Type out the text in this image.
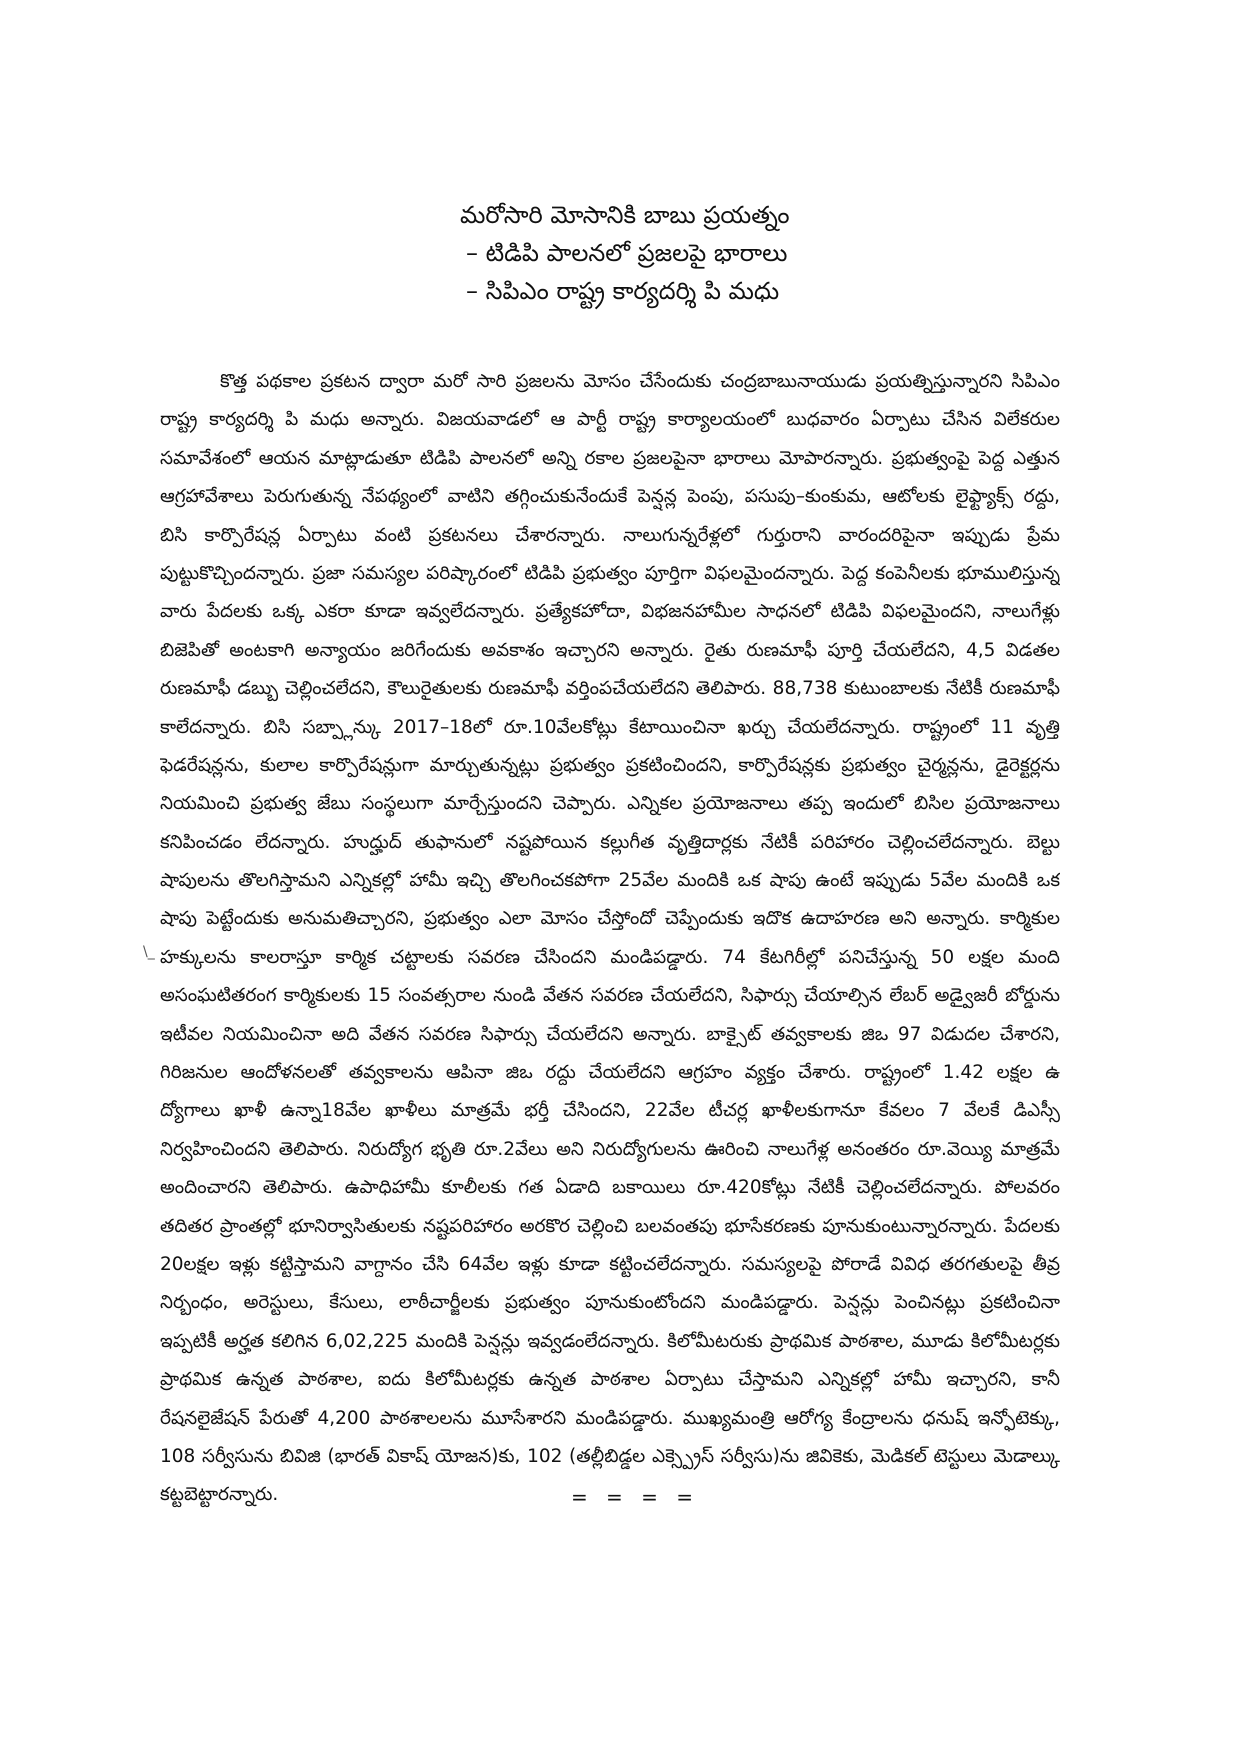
మరోసారి మోసానికి బాబు ప్రయత్నం
– టిడిపి పాలనలో ప్రజలపై భారాలు
– సిపిఎం రాష్ట్ర కార్యదర్శి పి మధు
\_
కొత్త పథకాల ప్రకటన ద్వారా మరో సారి ప్రజలను మోసం చేసేందుకు చంద్రబాబునాయుడు ప్రయత్నిస్తున్నారని సిపిఎం
రాష్ట్ర కార్యదర్శి పి మధు అన్నారు. విజయవాడలో ఆ పార్టీ రాష్ట్ర కార్యాలయంలో బుధవారం ఏర్పాటు చేసిన విలేకరుల
సమావేశంలో ఆయన మాట్లాడుతూ టిడిపి పాలనలో అన్ని రకాల ప్రజలపైనా భారాలు మోపారన్నారు. ప్రభుత్వంపై పెద్ద ఎత్తున
ఆగ్రహావేశాలు పెరుగుతున్న నేపథ్యంలో వాటిని తగ్గించుకునేందుకే పెన్షన్ల పెంపు, పసుపు–కుంకుమ, ఆటోలకు లైఫ్ట్యాక్స్ రద్దు,
బిసి కార్పొరేషన్ల ఏర్పాటు వంటి ప్రకటనలు చేశారన్నారు. నాలుగున్నరేళ్లలో గుర్తురాని వారందరిపైనా ఇప్పుడు ప్రేమ
పుట్టుకొచ్చిందన్నారు. ప్రజా సమస్యల పరిష్కారంలో టిడిపి ప్రభుత్వం పూర్తిగా విఫలమైందన్నారు. పెద్ద కంపెనీలకు భూములిస్తున్న
వారు పేదలకు ఒక్క ఎకరా కూడా ఇవ్వలేదన్నారు. ప్రత్యేకహోదా, విభజనహామీల సాధనలో టిడిపి విఫలమైందని, నాలుగేళ్లు
బిజెపితో అంటకాగి అన్యాయం జరిగేందుకు అవకాశం ఇచ్చారని అన్నారు. రైతు రుణమాఫీ పూర్తి చేయలేదని, 4,5 విడతల
రుణమాఫీ డబ్బు చెల్లించలేదని, కౌలురైతులకు రుణమాఫీ వర్తింపచేయలేదని తెలిపారు. 88,738 కుటుంబాలకు నేటికీ రుణమాఫీ
కాలేదన్నారు. బిసి సబ్ప్లాన్కు 2017–18లో రూ.10వేలకోట్లు కేటాయించినా ఖర్చు చేయలేదన్నారు. రాష్ట్రంలో 11 వృత్తి
ఫెడరేషన్లను, కులాల కార్పొరేషన్లుగా మార్చుతున్నట్లు ప్రభుత్వం ప్రకటించిందని, కార్పొరేషన్లకు ప్రభుత్వం చైర్మన్లను, డైరెక్టర్లను
నియమించి ప్రభుత్వ జేబు సంస్థలుగా మార్చేస్తుందని చెప్పారు. ఎన్నికల ప్రయోజనాలు తప్ప ఇందులో బిసిల ప్రయోజనాలు
కనిపించడం లేదన్నారు. హుద్హుద్ తుఫానులో నష్టపోయిన కల్లుగీత వృత్తిదార్లకు నేటికీ పరిహారం చెల్లించలేదన్నారు. బెల్టు
షాపులను తొలగిస్తామని ఎన్నికల్లో హామీ ఇచ్చి తొలగించకపోగా 25వేల మందికి ఒక షాపు ఉంటే ఇప్పుడు 5వేల మందికి ఒక
షాపు పెట్టేందుకు అనుమతిచ్చారని, ప్రభుత్వం ఎలా మోసం చేస్తోందో చెప్పేందుకు ఇదొక ఉదాహరణ అని అన్నారు. కార్మికుల
హక్కులను కాలరాస్తూ కార్మిక చట్టాలకు సవరణ చేసిందని మండిపడ్డారు. 74 కేటగిరీల్లో పనిచేస్తున్న 50 లక్షల మంది
అసంఘటితరంగ కార్మికులకు 15 సంవత్సరాల నుండి వేతన సవరణ చేయలేదని, సిఫార్సు చేయాల్సిన లేబర్ అడ్వైజరీ బోర్డును
ఇటీవల నియమించినా అది వేతన సవరణ సిఫార్సు చేయలేదని అన్నారు. బాక్సైట్ తవ్వకాలకు జిఒ 97 విడుదల చేశారని,
గిరిజనుల ఆందోళనలతో తవ్వకాలను ఆపినా జిఒ రద్దు చేయలేదని ఆగ్రహం వ్యక్తం చేశారు. రాష్ట్రంలో 1.42 లక్షల ఉ
ద్యోగాలు ఖాళీ ఉన్నా18వేల ఖాళీలు మాత్రమే భర్తీ చేసిందని, 22వేల టీచర్ల ఖాళీలకుగానూ కేవలం 7 వేలకే డిఎస్సీ
నిర్వహించిందని తెలిపారు. నిరుద్యోగ భృతి రూ.2వేలు అని నిరుద్యోగులను ఊరించి నాలుగేళ్ల అనంతరం రూ.వెయ్యి మాత్రమే
అందించారని తెలిపారు. ఉపాధిహామీ కూలీలకు గత ఏడాది బకాయిలు రూ.420కోట్లు నేటికీ చెల్లించలేదన్నారు. పోలవరం
తదితర ప్రాంతల్లో భూనిర్వాసితులకు నష్టపరిహారం అరకొర చెల్లించి బలవంతపు భూసేకరణకు పూనుకుంటున్నారన్నారు. పేదలకు
20లక్షల ఇళ్లు కట్టిస్తామని వాగ్దానం చేసి 64వేల ఇళ్లు కూడా కట్టించలేదన్నారు. సమస్యలపై పోరాడే వివిధ తరగతులపై తీవ్ర
నిర్బంధం, అరెస్టులు, కేసులు, లాఠీచార్జీలకు ప్రభుత్వం పూనుకుంటోందని మండిపడ్డారు. పెన్షన్లు పెంచినట్లు ప్రకటించినా
ఇప్పటికీ అర్హత కలిగిన 6,02,225 మందికి పెన్షన్లు ఇవ్వడంలేదన్నారు. కిలోమీటరుకు ప్రాథమిక పాఠశాల, మూడు కిలోమీటర్లకు
ప్రాథమిక ఉన్నత పాఠశాల, ఐదు కిలోమీటర్లకు ఉన్నత పాఠశాల ఏర్పాటు చేస్తామని ఎన్నికల్లో హామీ ఇచ్చారని, కానీ
రేషనలైజేషన్ పేరుతో 4,200 పాఠశాలలను మూసేశారని మండిపడ్డారు. ముఖ్యమంత్రి ఆరోగ్య కేంద్రాలను ధనుష్ ఇన్ఫోటెక్కు,
108 సర్వీసును బివిజి (భారత్ వికాష్ యోజన)కు, 102 (తల్లీబిడ్డల ఎక్స్ప్రెస్ సర్వీసు)ను జివికెకు, మెడికల్ టెస్టులు మెడాల్కు
కట్టబెట్టారన్నారు.	= = = =
